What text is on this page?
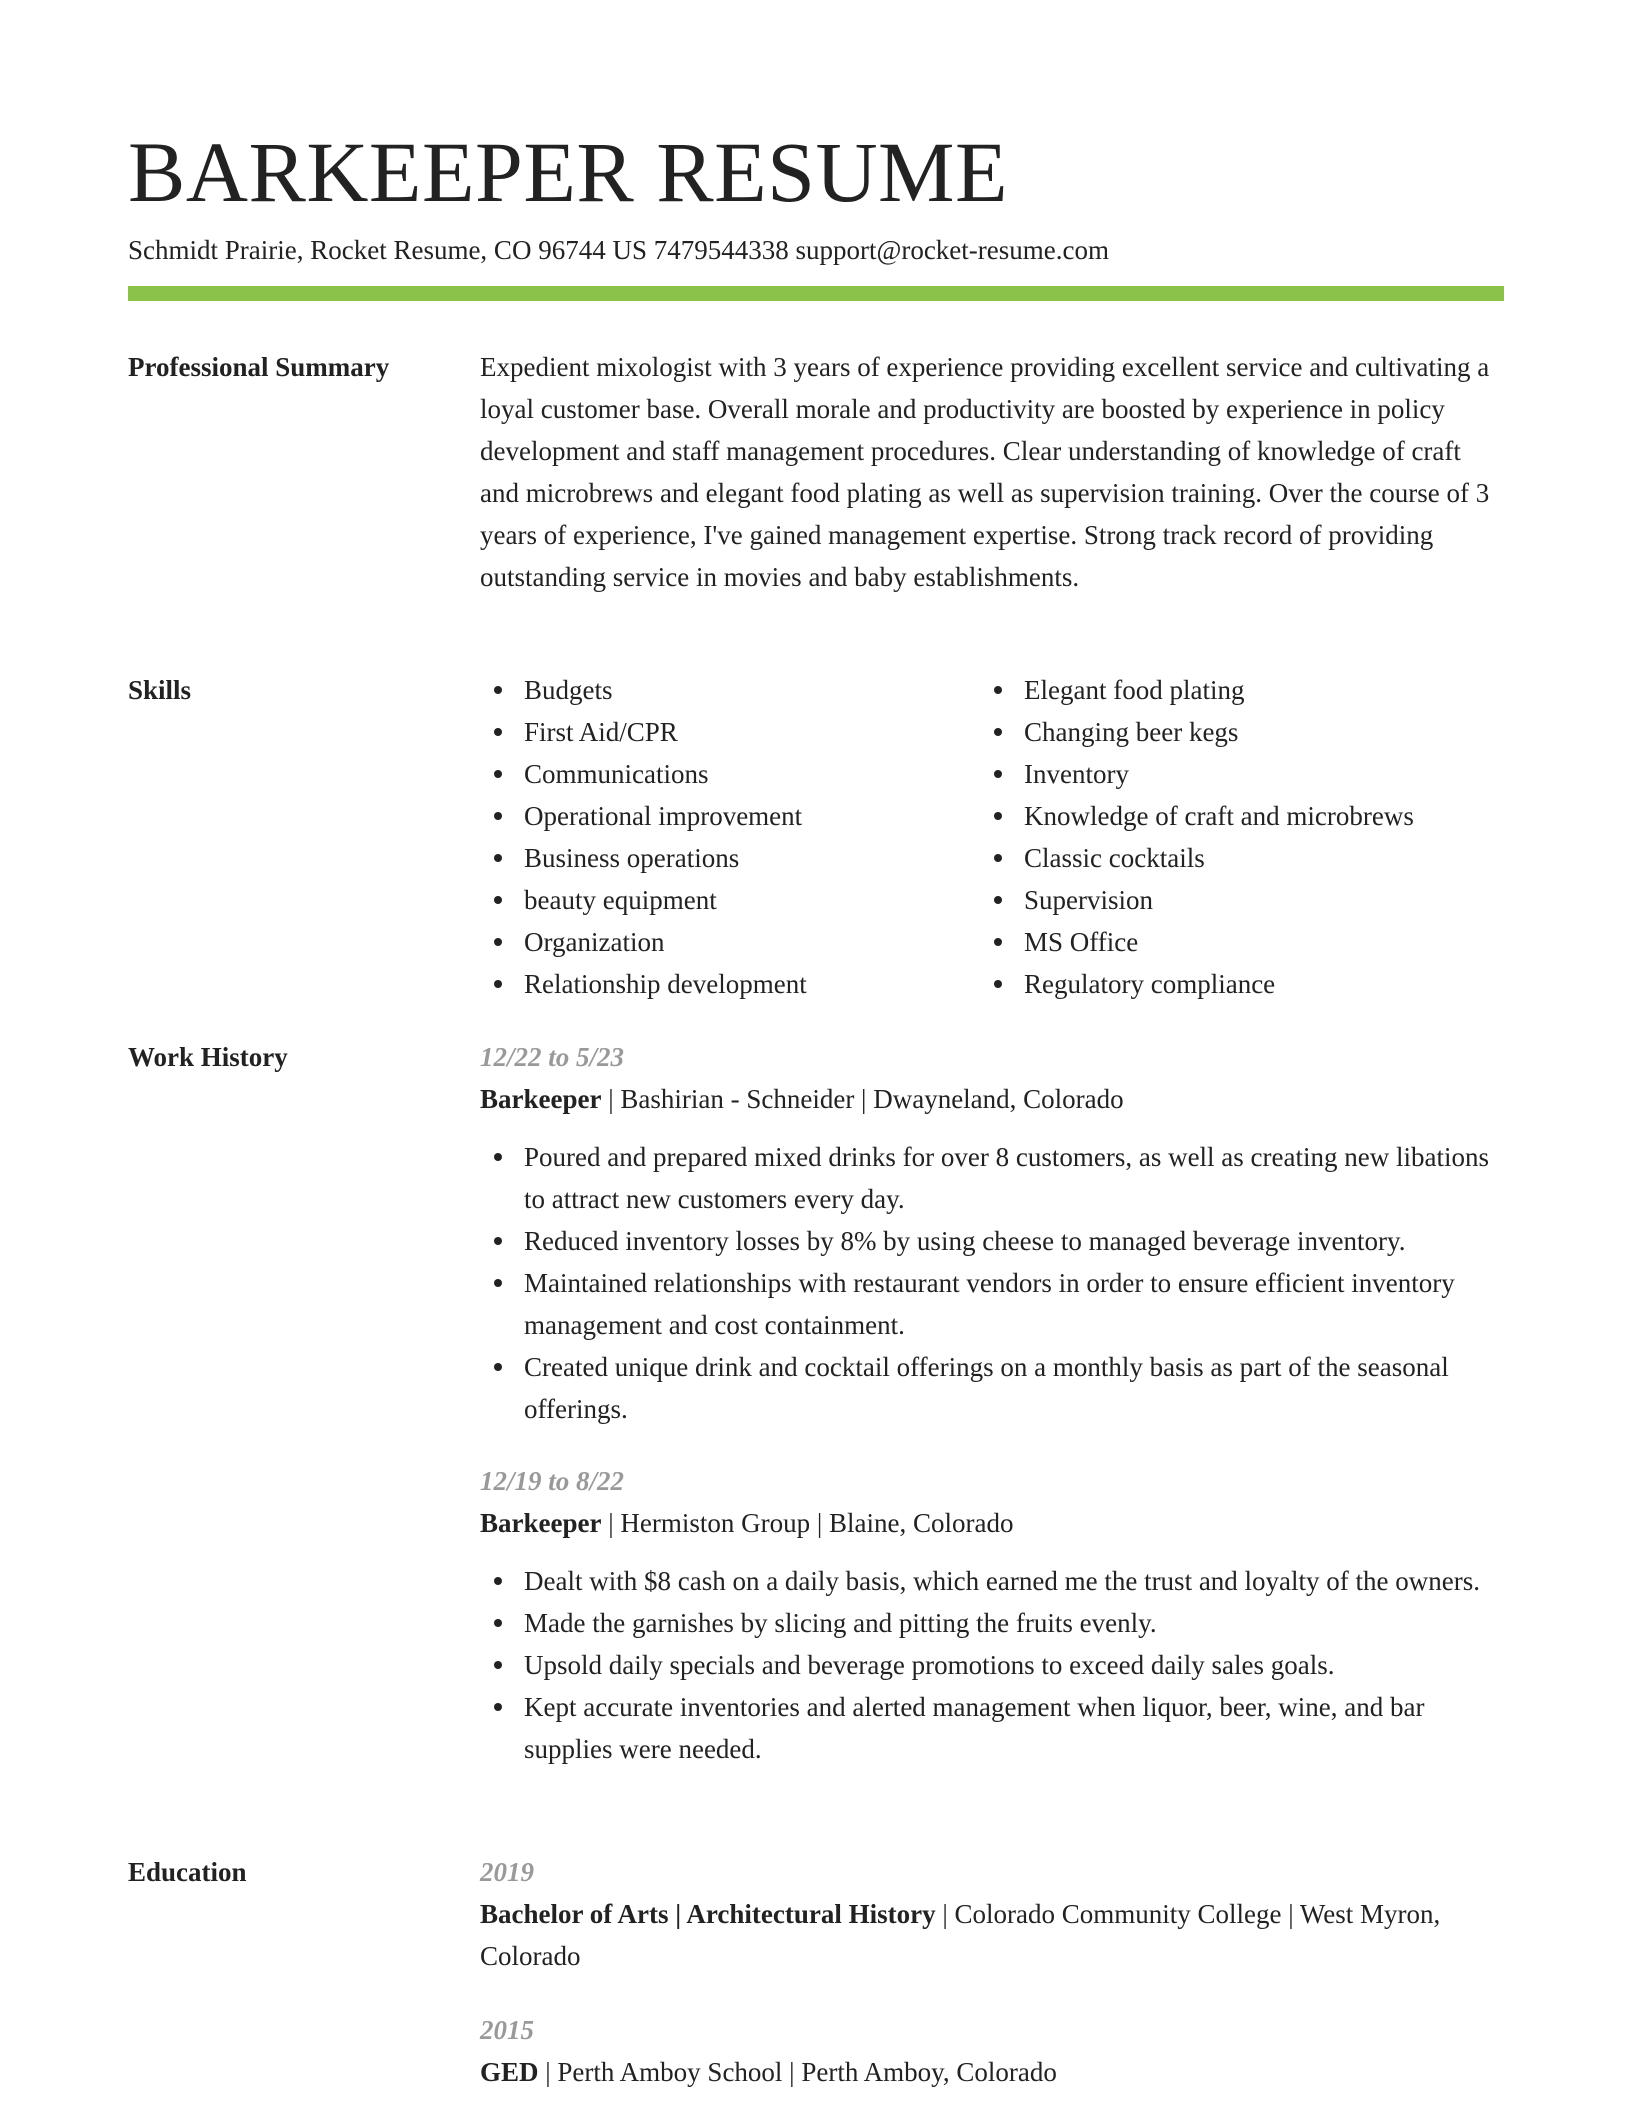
BARKEEPER RESUME
Schmidt Prairie, Rocket Resume, CO 96744 US 7479544338 support@rocket-resume.com
Professional Summary	Expedient mixologist with 3 years of experience providing excellent service and cultivating a loyal customer base. Overall morale and productivity are boosted by experience in policy development and staff management procedures. Clear understanding of knowledge of craft and microbrews and elegant food plating as well as supervision training. Over the course of 3 years of experience, I've gained management expertise. Strong track record of providing outstanding service in movies and baby establishments.

Skills	Budgets
First Aid/CPR
Communications
Operational improvement
Business operations
beauty equipment
Organization
Relationship development
Elegant food plating
Changing beer kegs
Inventory
Knowledge of craft and microbrews
Classic cocktails
Supervision
MS Office
Regulatory compliance
Work History	12/22 to 5/23

Barkeeper | Bashirian - Schneider | Dwayneland, Colorado

Poured and prepared mixed drinks for over 8 customers, as well as creating new libations to attract new customers every day.
Reduced inventory losses by 8% by using cheese to managed beverage inventory.
Maintained relationships with restaurant vendors in order to ensure efficient inventory management and cost containment.
Created unique drink and cocktail offerings on a monthly basis as part of the seasonal offerings.
12/19 to 8/22

Barkeeper | Hermiston Group | Blaine, Colorado

Dealt with $8 cash on a daily basis, which earned me the trust and loyalty of the owners.
Made the garnishes by slicing and pitting the fruits evenly.
Upsold daily specials and beverage promotions to exceed daily sales goals.
Kept accurate inventories and alerted management when liquor, beer, wine, and bar supplies were needed.
Education	2019

Bachelor of Arts | Architectural History | Colorado Community College | West Myron, Colorado

2015

GED | Perth Amboy School | Perth Amboy, Colorado
